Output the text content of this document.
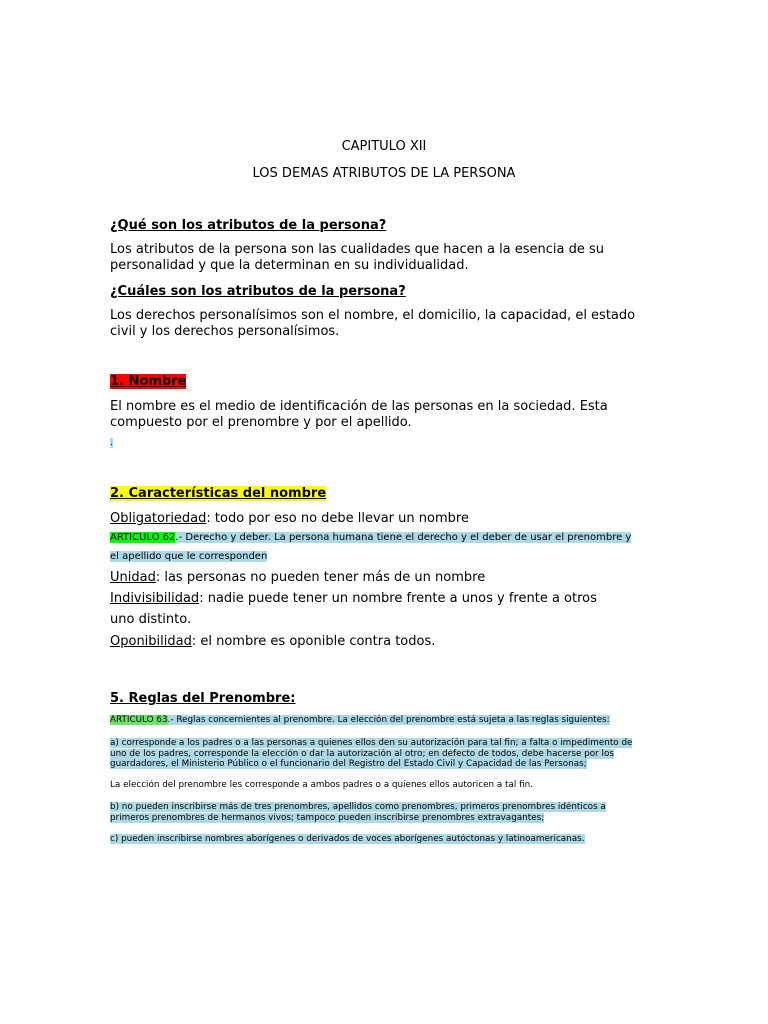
CAPITULO XII
LOS DEMAS ATRIBUTOS DE LA PERSONA
¿Qué son los atributos de la persona?
Los atributos de la persona son las cualidades que hacen a la esencia de su
personalidad y que la determinan en su individualidad.
¿Cuáles son los atributos de la persona?
Los derechos personalísimos son el nombre, el domicilio, la capacidad, el estado
civil y los derechos personalísimos.
1. Nombre
El nombre es el medio de identificación de las personas en la sociedad. Esta
compuesto por el prenombre y por el apellido.
.
2. Características del nombre
Obligatoriedad: todo por eso no debe llevar un nombre
ARTICULO 62.- Derecho y deber. La persona humana tiene el derecho y el deber de usar el prenombre y
el apellido que le corresponden
Unidad: las personas no pueden tener más de un nombre
Indivisibilidad: nadie puede tener un nombre frente a unos y frente a otros
uno distinto.
Oponibilidad: el nombre es oponible contra todos.
5. Reglas del Prenombre:
ARTICULO 63.- Reglas concernientes al prenombre. La elección del prenombre está sujeta a las reglas siguientes:
a) corresponde a los padres o a las personas a quienes ellos den su autorización para tal fin; a falta o impedimento de
uno de los padres, corresponde la elección o dar la autorización al otro; en defecto de todos, debe hacerse por los
guardadores, el Ministerio Público o el funcionario del Registro del Estado Civil y Capacidad de las Personas;
La elección del prenombre les corresponde a ambos padres o a quienes ellos autoricen a tal fin.
b) no pueden inscribirse más de tres prenombres, apellidos como prenombres, primeros prenombres idénticos a
primeros prenombres de hermanos vivos; tampoco pueden inscribirse prenombres extravagantes;
c) pueden inscribirse nombres aborígenes o derivados de voces aborígenes autóctonas y latinoamericanas.
